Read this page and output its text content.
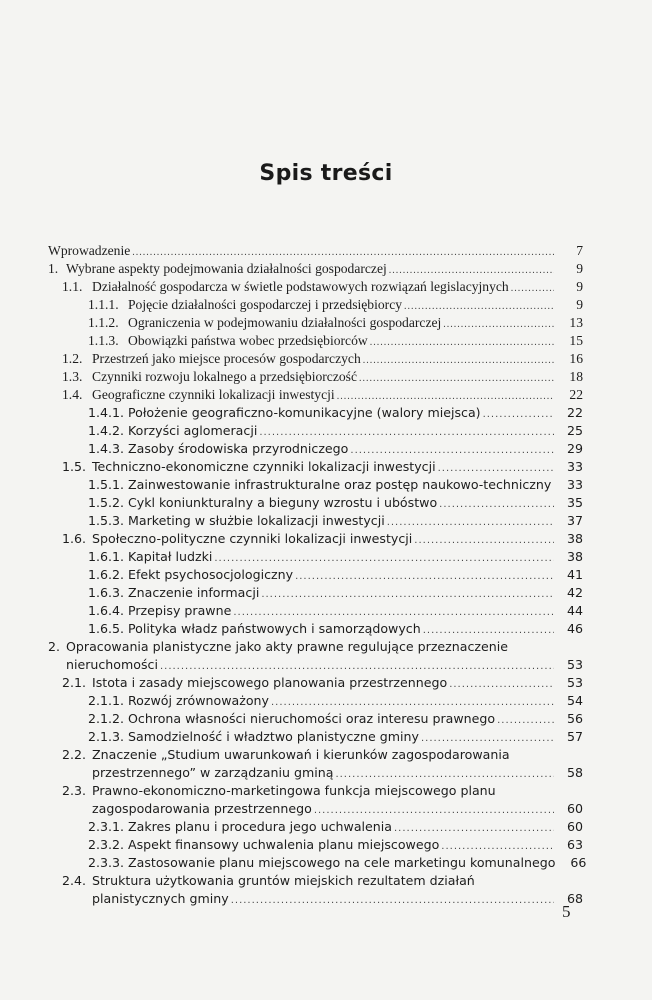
Spis treści
Wprowadzenie .....	7
1. Wybrane aspekty podejmowania działalności gospodarczej .....	9
1.1. Działalność gospodarcza w świetle podstawowych rozwiązań legislacyjnych .....	9
1.1.1. Pojęcie działalności gospodarczej i przedsiębiorcy .....	9
1.1.2. Ograniczenia w podejmowaniu działalności gospodarczej .....	13
1.1.3. Obowiązki państwa wobec przedsiębiorców .....	15
1.2. Przestrzeń jako miejsce procesów gospodarczych .....	16
1.3. Czynniki rozwoju lokalnego a przedsiębiorczość .....	18
1.4. Geograficzne czynniki lokalizacji inwestycji .....	22
1.4.1. Położenie geograficzno-komunikacyjne (walory miejsca) .....	22
1.4.2. Korzyści aglomeracji .....	25
1.4.3. Zasoby środowiska przyrodniczego .....	29
1.5. Techniczno-ekonomiczne czynniki lokalizacji inwestycji .....	33
1.5.1. Zainwestowanie infrastrukturalne oraz postęp naukowo-techniczny .....	33
1.5.2. Cykl koniunkturalny a bieguny wzrostu i ubóstwo .....	35
1.5.3. Marketing w służbie lokalizacji inwestycji .....	37
1.6. Społeczno-polityczne czynniki lokalizacji inwestycji .....	38
1.6.1. Kapitał ludzki .....	38
1.6.2. Efekt psychosocjologiczny .....	41
1.6.3. Znaczenie informacji .....	42
1.6.4. Przepisy prawne .....	44
1.6.5. Polityka władz państwowych i samorządowych .....	46
2. Opracowania planistyczne jako akty prawne regulujące przeznaczenie
nieruchomości .....	53
2.1. Istota i zasady miejscowego planowania przestrzennego .....	53
2.1.1. Rozwój zrównoważony .....	54
2.1.2. Ochrona własności nieruchomości oraz interesu prawnego .....	56
2.1.3. Samodzielność i władztwo planistyczne gminy .....	57
2.2. Znaczenie „Studium uwarunkowań i kierunków zagospodarowania
przestrzennego” w zarządzaniu gminą .....	58
2.3. Prawno-ekonomiczno-marketingowa funkcja miejscowego planu
zagospodarowania przestrzennego .....	60
2.3.1. Zakres planu i procedura jego uchwalenia .....	60
2.3.2. Aspekt finansowy uchwalenia planu miejscowego .....	63
2.3.3. Zastosowanie planu miejscowego na cele marketingu komunalnego	66
2.4. Struktura użytkowania gruntów miejskich rezultatem działań
planistycznych gminy .....	68
5
